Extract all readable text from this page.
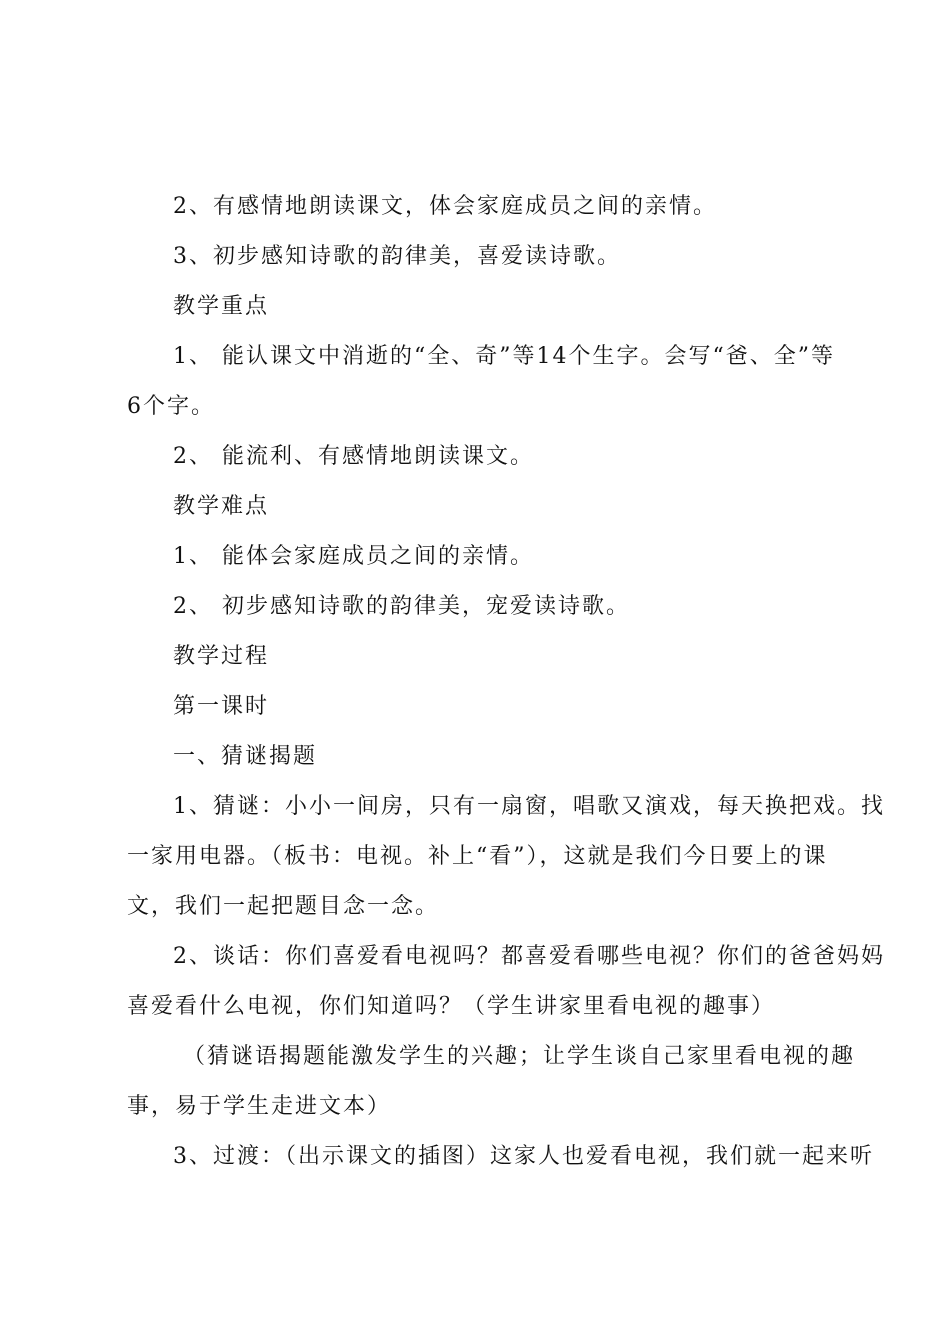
2、有感情地朗读课文，体会家庭成员之间的亲情。
3、初步感知诗歌的韵律美，喜爱读诗歌。
教学重点
1、 能认课文中消逝的“全、奇”等14个生字。会写“爸、全”等
6个字。
2、 能流利、有感情地朗读课文。
教学难点
1、 能体会家庭成员之间的亲情。
2、 初步感知诗歌的韵律美，宠爱读诗歌。
教学过程
第一课时
一、猜谜揭题
1、猜谜：小小一间房，只有一扇窗，唱歌又演戏，每天换把戏。找
一家用电器。（板书：电视。补上“看”），这就是我们今日要上的课
文，我们一起把题目念一念。
2、谈话：你们喜爱看电视吗？都喜爱看哪些电视？你们的爸爸妈妈
喜爱看什么电视，你们知道吗？（学生讲家里看电视的趣事）
（猜谜语揭题能激发学生的兴趣；让学生谈自己家里看电视的趣
事，易于学生走进文本）
3、过渡：（出示课文的插图）这家人也爱看电视，我们就一起来听
